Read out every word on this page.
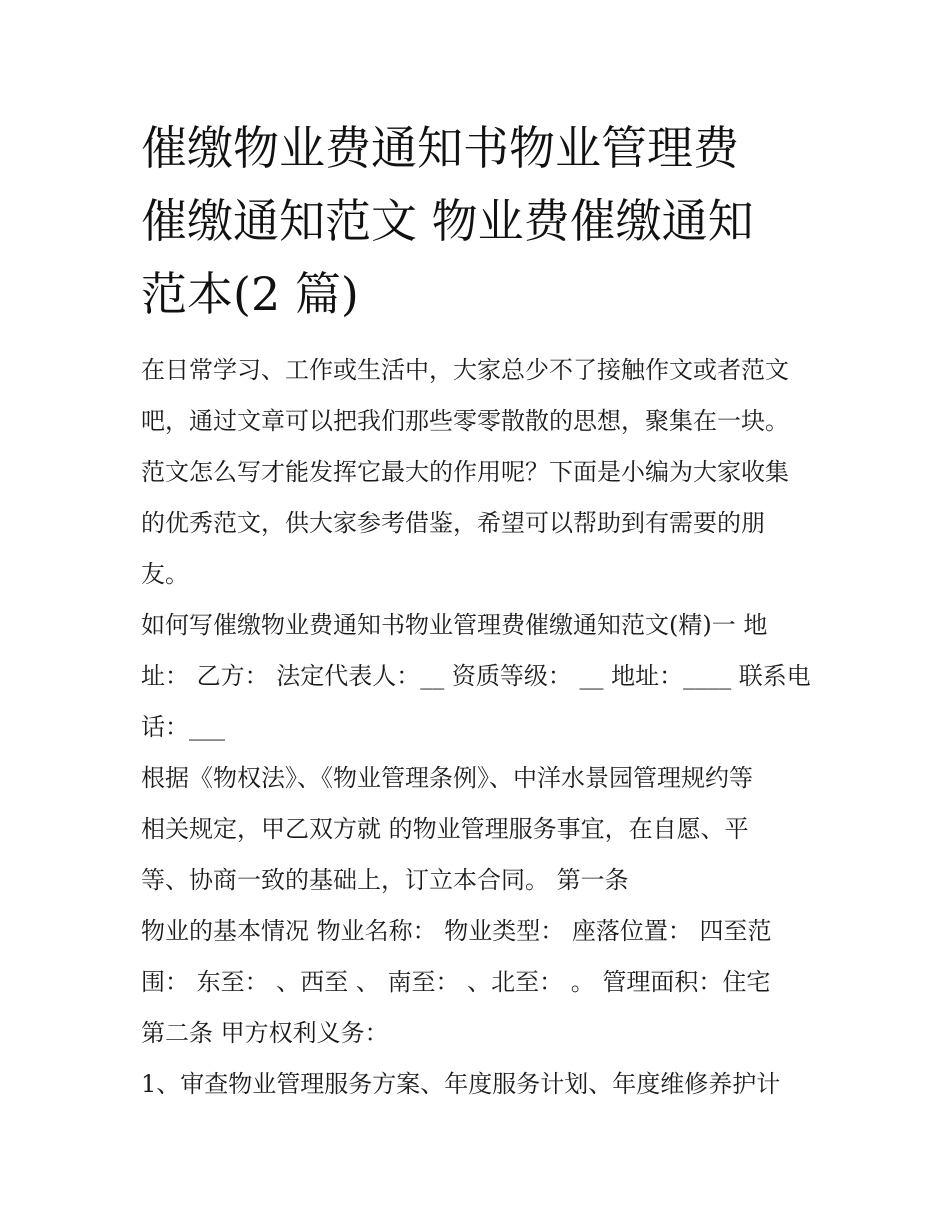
催缴物业费通知书物业管理费
催缴通知范文 物业费催缴通知
范本(2 篇)
在日常学习、工作或生活中，大家总少不了接触作文或者范文
吧，通过文章可以把我们那些零零散散的思想，聚集在一块。
范文怎么写才能发挥它最大的作用呢？下面是小编为大家收集
的优秀范文，供大家参考借鉴，希望可以帮助到有需要的朋
友。
如何写催缴物业费通知书物业管理费催缴通知范文(精)一 地
址： 乙方： 法定代表人：__ 资质等级： __ 地址：____ 联系电
话：___
根据《物权法》、《物业管理条例》、中洋水景园管理规约等
相关规定，甲乙双方就 的物业管理服务事宜，在自愿、平
等、协商一致的基础上，订立本合同。 第一条
物业的基本情况 物业名称： 物业类型： 座落位置： 四至范
围： 东至： 、西至 、 南至： 、北至： 。 管理面积：住宅
第二条 甲方权利义务：
1、审查物业管理服务方案、年度服务计划、年度维修养护计
